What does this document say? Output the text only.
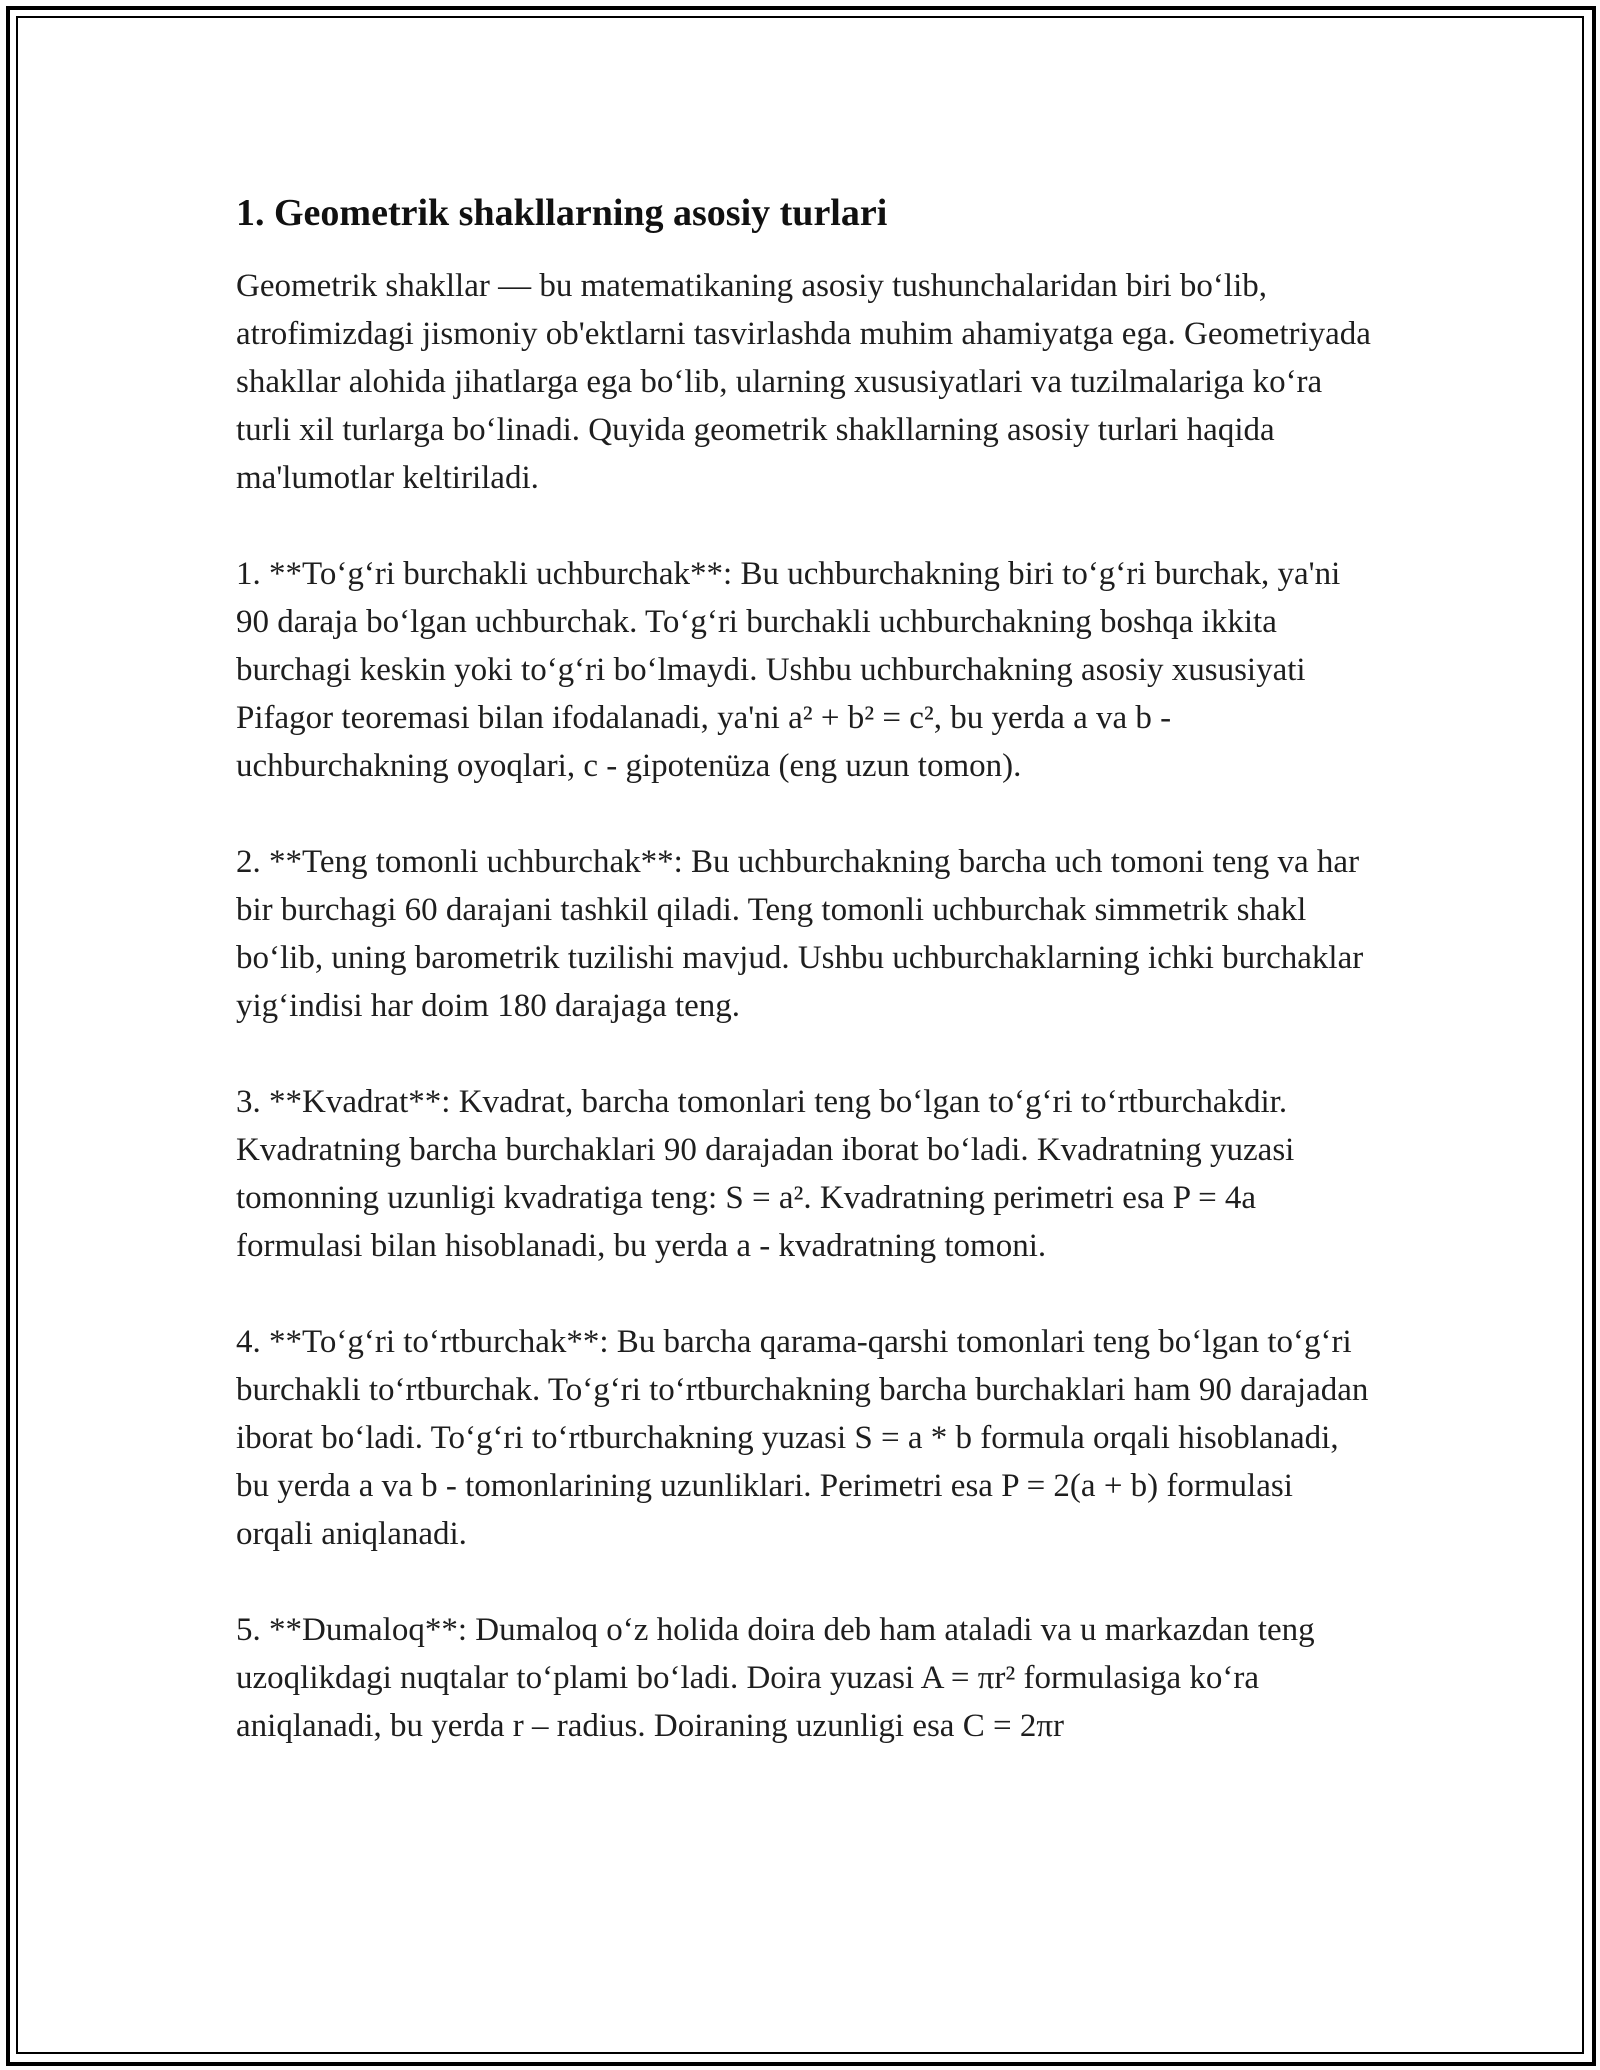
1. Geometrik shakllarning asosiy turlari

Geometrik shakllar — bu matematikaning asosiy tushunchalaridan biri bo‘lib, atrofimizdagi jismoniy ob'ektlarni tasvirlashda muhim ahamiyatga ega. Geometriyada shakllar alohida jihatlarga ega bo‘lib, ularning xususiyatlari va tuzilmalariga ko‘ra turli xil turlarga bo‘linadi. Quyida geometrik shakllarning asosiy turlari haqida ma'lumotlar keltiriladi.

1. **To‘g‘ri burchakli uchburchak**: Bu uchburchakning biri to‘g‘ri burchak, ya'ni 90 daraja bo‘lgan uchburchak. To‘g‘ri burchakli uchburchakning boshqa ikkita burchagi keskin yoki to‘g‘ri bo‘lmaydi. Ushbu uchburchakning asosiy xususiyati Pifagor teoremasi bilan ifodalanadi, ya'ni a² + b² = c², bu yerda a va b - uchburchakning oyoqlari, c - gipotenüza (eng uzun tomon).

2. **Teng tomonli uchburchak**: Bu uchburchakning barcha uch tomoni teng va har bir burchagi 60 darajani tashkil qiladi. Teng tomonli uchburchak simmetrik shakl bo‘lib, uning barometrik tuzilishi mavjud. Ushbu uchburchaklarning ichki burchaklar yig‘indisi har doim 180 darajaga teng.

3. **Kvadrat**: Kvadrat, barcha tomonlari teng bo‘lgan to‘g‘ri to‘rtburchakdir. Kvadratning barcha burchaklari 90 darajadan iborat bo‘ladi. Kvadratning yuzasi tomonning uzunligi kvadratiga teng: S = a². Kvadratning perimetri esa P = 4a formulasi bilan hisoblanadi, bu yerda a - kvadratning tomoni.

4. **To‘g‘ri to‘rtburchak**: Bu barcha qarama-qarshi tomonlari teng bo‘lgan to‘g‘ri burchakli to‘rtburchak. To‘g‘ri to‘rtburchakning barcha burchaklari ham 90 darajadan iborat bo‘ladi. To‘g‘ri to‘rtburchakning yuzasi S = a * b formula orqali hisoblanadi, bu yerda a va b - tomonlarining uzunliklari. Perimetri esa P = 2(a + b) formulasi orqali aniqlanadi.

5. **Dumaloq**: Dumaloq o‘z holida doira deb ham ataladi va u markazdan teng uzoqlikdagi nuqtalar to‘plami bo‘ladi. Doira yuzasi A = πr² formulasiga ko‘ra aniqlanadi, bu yerda r – radius. Doiraning uzunligi esa C = 2πr
